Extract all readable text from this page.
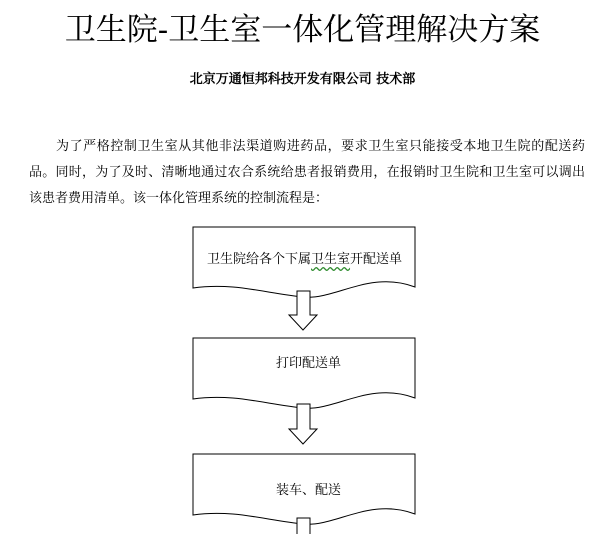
卫生院-卫生室一体化管理解决方案
北京万通恒邦科技开发有限公司 技术部
为了严格控制卫生室从其他非法渠道购进药品，要求卫生室只能接受本地卫生院的配送药品。同时，为了及时、清晰地通过农合系统给患者报销费用，在报销时卫生院和卫生室可以调出该患者费用清单。该一体化管理系统的控制流程是：
卫生院给各个下属卫生室开配送单
打印配送单
装车、配送
